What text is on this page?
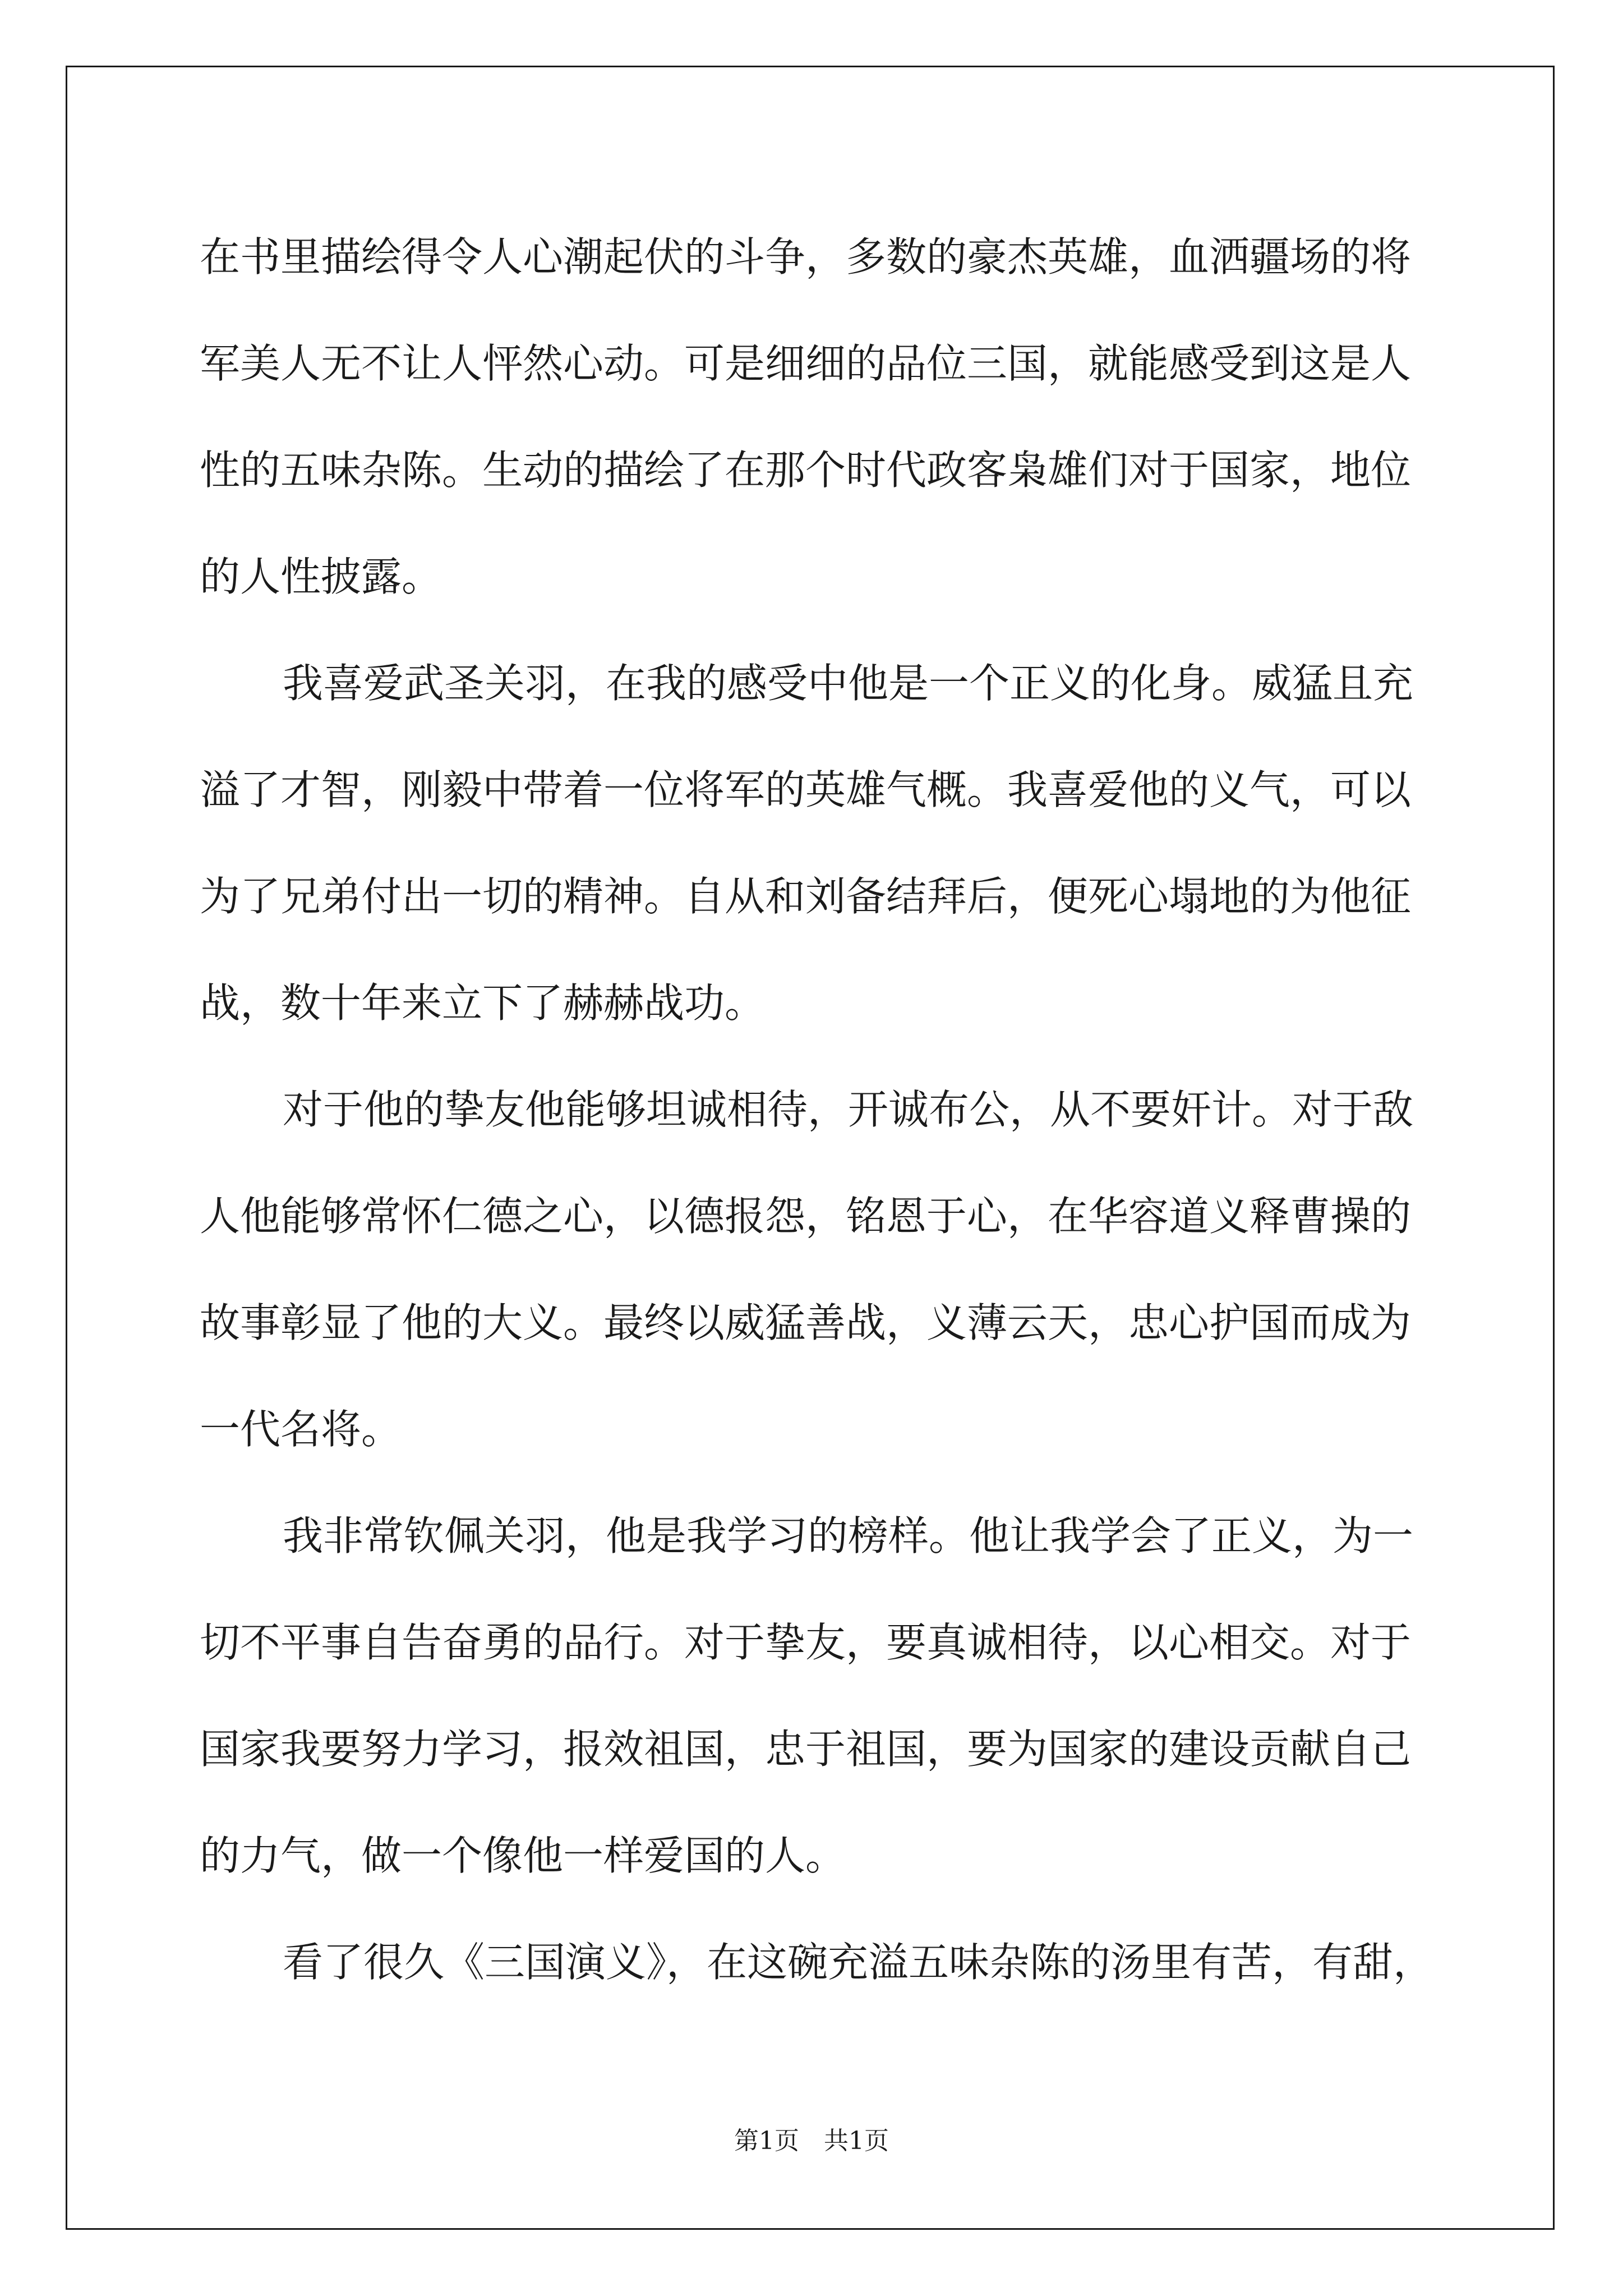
在书里描绘得令人心潮起伏的斗争，多数的豪杰英雄，血洒疆场的将
军美人无不让人怦然心动。可是细细的品位三国，就能感受到这是人
性的五味杂陈。生动的描绘了在那个时代政客枭雄们对于国家，地位
的人性披露。
我喜爱武圣关羽，在我的感受中他是一个正义的化身。威猛且充
溢了才智，刚毅中带着一位将军的英雄气概。我喜爱他的义气，可以
为了兄弟付出一切的精神。自从和刘备结拜后，便死心塌地的为他征
战，数十年来立下了赫赫战功。
对于他的挚友他能够坦诚相待，开诚布公，从不要奸计。对于敌
人他能够常怀仁德之心，以德报怨，铭恩于心，在华容道义释曹操的
故事彰显了他的大义。最终以威猛善战，义薄云天，忠心护国而成为
一代名将。
我非常钦佩关羽，他是我学习的榜样。他让我学会了正义，为一
切不平事自告奋勇的品行。对于挚友，要真诚相待，以心相交。对于
国家我要努力学习，报效祖国，忠于祖国，要为国家的建设贡献自己
的力气，做一个像他一样爱国的人。
看了很久《三国演义》，在这碗充溢五味杂陈的汤里有苦，有甜，
第1页 共1页
